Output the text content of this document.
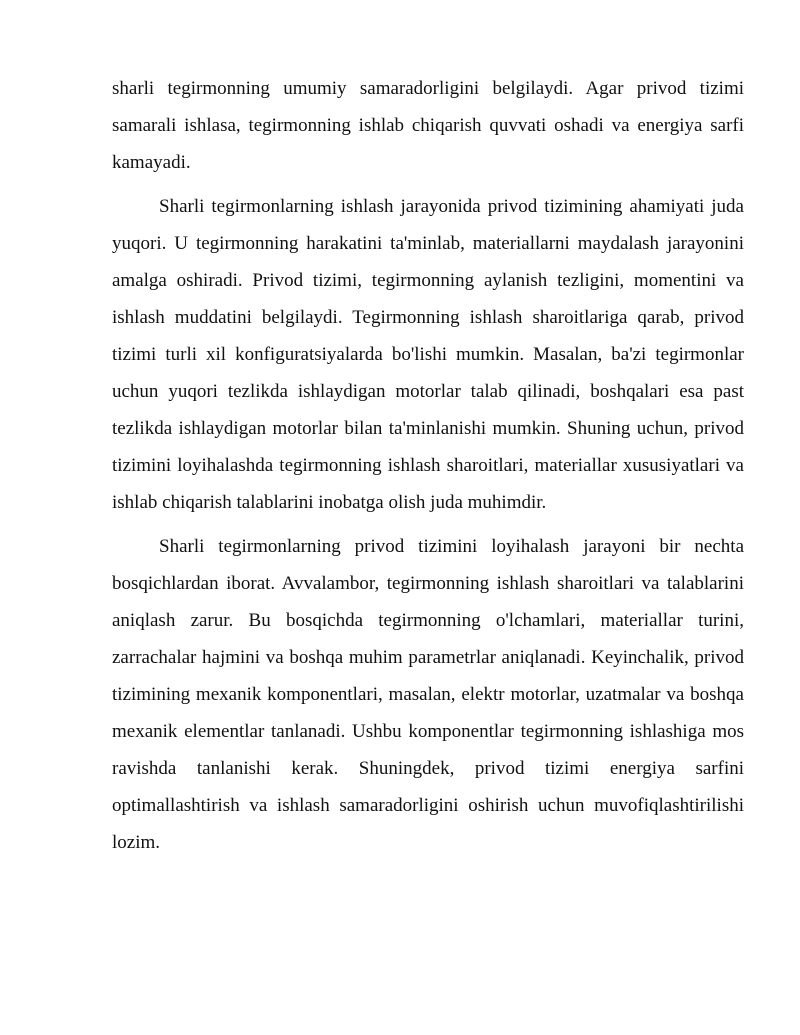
sharli tegirmonning umumiy samaradorligini belgilaydi. Agar privod tizimi samarali ishlasa, tegirmonning ishlab chiqarish quvvati oshadi va energiya sarfi kamayadi.

Sharli tegirmonlarning ishlash jarayonida privod tizimining ahamiyati juda yuqori. U tegirmonning harakatini ta'minlab, materiallarni maydalash jarayonini amalga oshiradi. Privod tizimi, tegirmonning aylanish tezligini, momentini va ishlash muddatini belgilaydi. Tegirmonning ishlash sharoitlariga qarab, privod tizimi turli xil konfiguratsiyalarda bo'lishi mumkin. Masalan, ba'zi tegirmonlar uchun yuqori tezlikda ishlaydigan motorlar talab qilinadi, boshqalari esa past tezlikda ishlaydigan motorlar bilan ta'minlanishi mumkin. Shuning uchun, privod tizimini loyihalashda tegirmonning ishlash sharoitlari, materiallar xususiyatlari va ishlab chiqarish talablarini inobatga olish juda muhimdir.

Sharli tegirmonlarning privod tizimini loyihalash jarayoni bir nechta bosqichlardan iborat. Avvalambor, tegirmonning ishlash sharoitlari va talablarini aniqlash zarur. Bu bosqichda tegirmonning o'lchamlari, materiallar turini, zarrachalar hajmini va boshqa muhim parametrlar aniqlanadi. Keyinchalik, privod tizimining mexanik komponentlari, masalan, elektr motorlar, uzatmalar va boshqa mexanik elementlar tanlanadi. Ushbu komponentlar tegirmonning ishlashiga mos ravishda tanlanishi kerak. Shuningdek, privod tizimi energiya sarfini optimallashtirish va ishlash samaradorligini oshirish uchun muvofiqlashtirilishi lozim.
